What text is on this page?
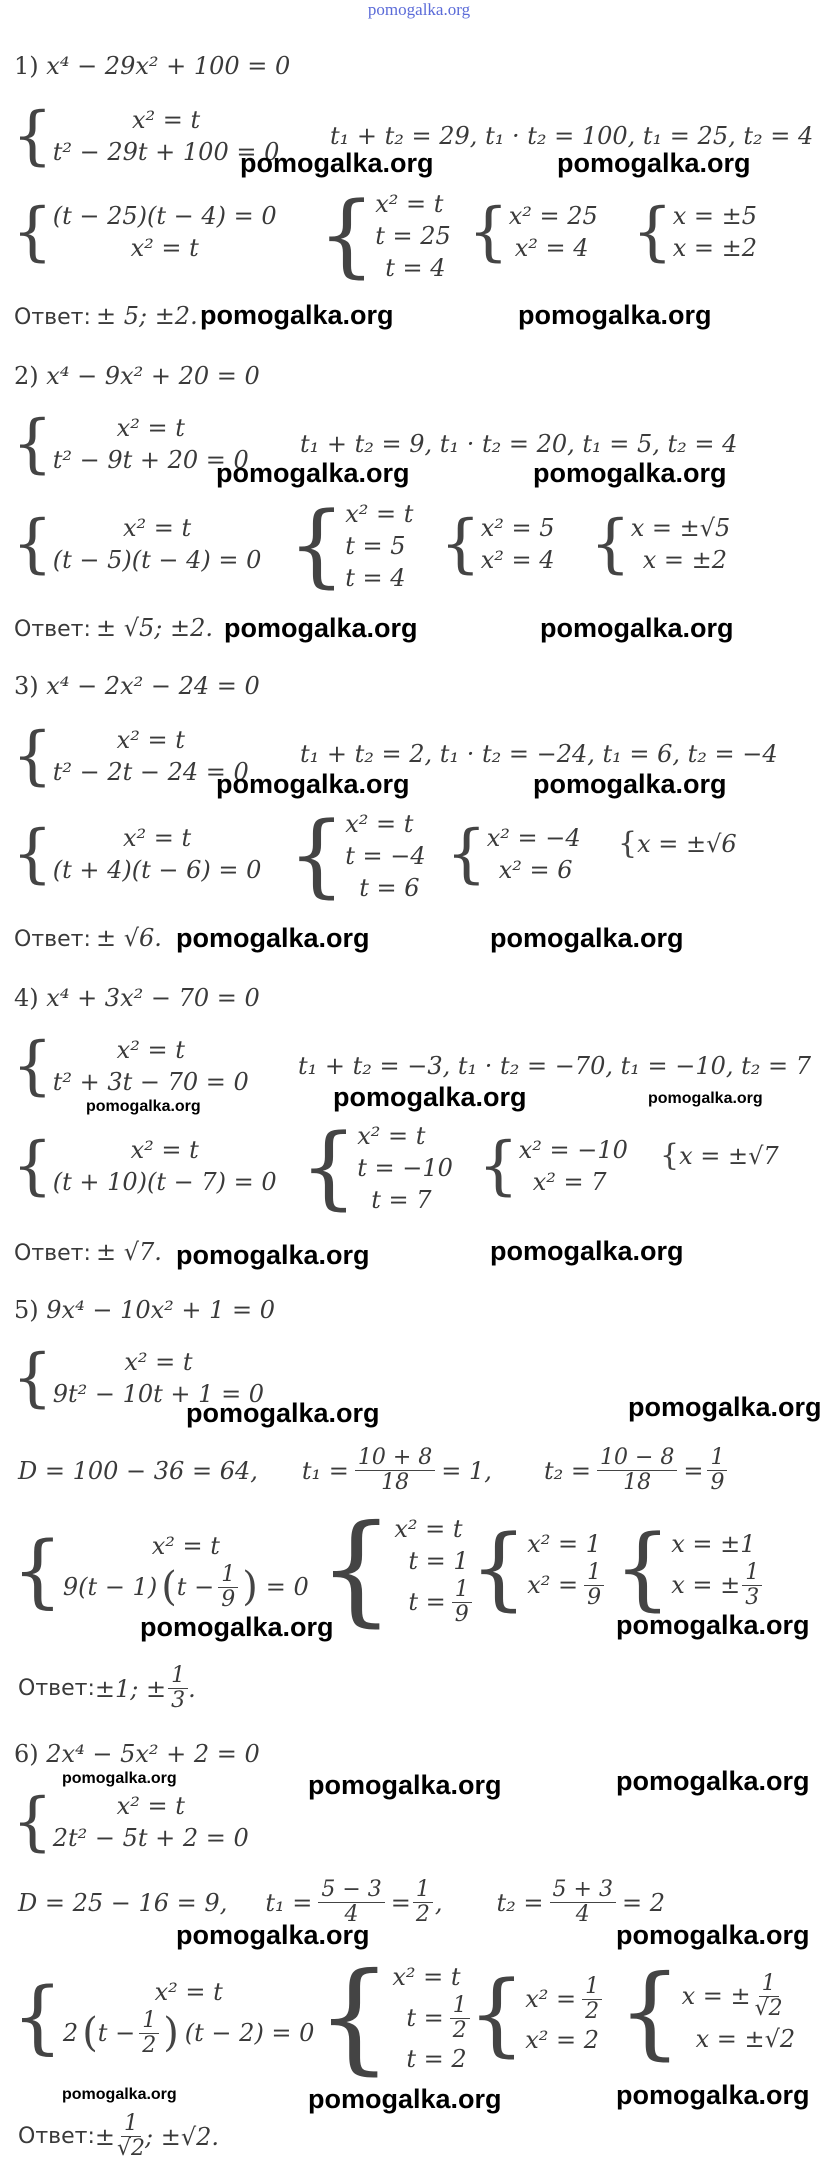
pomogalka.org
1) x⁴ − 29x² + 100 = 0
{	x² = t
t² − 29t + 100 = 0
t₁ + t₂ = 29, t₁ · t₂ = 100, t₁ = 25, t₂ = 4
pomogalka.org	pomogalka.org
{ (t − 25)(t − 4) = 0
x² = t	{ x² = t
t = 25
t = 4 { x² = 25
x² = 4 { x = ±5
x = ±2
Ответ: ± 5; ±2. pomogalka.org	pomogalka.org
2) x⁴ − 9x² + 20 = 0
{	x² = t
t² − 9t + 20 = 0
t₁ + t₂ = 9, t₁ · t₂ = 20, t₁ = 5, t₂ = 4
pomogalka.org	pomogalka.org
{	x² = t
(t − 5)(t − 4) = 0 { x² = t
t = 5
t = 4 { x² = 5
x² = 4 { x = ±√5
x = ±2
Ответ: ± √5; ±2. pomogalka.org	pomogalka.org
3) x⁴ − 2x² − 24 = 0
{	x² = t
t² − 2t − 24 = 0
t₁ + t₂ = 2, t₁ · t₂ = −24, t₁ = 6, t₂ = −4
pomogalka.org	pomogalka.org
{	x² = t
(t + 4)(t − 6) = 0 { x² = t
t = −4
t = 6 { x² = −4
x² = 6
{ x = ±√6
Ответ: ± √6. pomogalka.org	pomogalka.org
4) x⁴ + 3x² − 70 = 0
{	x² = t
t² + 3t − 70 = 0
t₁ + t₂ = −3, t₁ · t₂ = −70, t₁ = −10, t₂ = 7
pomogalka.org	pomogalka.org	pomogalka.org
{	x² = t
(t + 10)(t − 7) = 0 { x² = t
t = −10
t = 7 { x² = −10
x² = 7
{ x = ±√7
Ответ: ± √7. pomogalka.org	pomogalka.org
5) 9x⁴ − 10x² + 1 = 0
{	x² = t
9t² − 10t + 1 = 0
pomogalka.org	pomogalka.org
D = 100 − 36 = 64, $t_1 = \frac{10 + 8}{18} = 1$, $t_2 = \frac{10 - 8}{18} = \frac{1}{9}$
{	x² = t
9(t − 1) ( $t - \frac{1}{9}$ ) = 0 { x² = t
t = 1
$t = \frac{1}{9}$
{ x² = 1
$x^2 = \frac{1}{9}$ { x = ±1
x = ± $\frac{1}{3}$
pomogalka.org	pomogalka.org
Ответ: ±1; ± $\frac{1}{3}$ .
6) 2x⁴ − 5x² + 2 = 0
pomogalka.org	pomogalka.org	pomogalka.org
{	x² = t
2t² − 5t + 2 = 0
D = 25 − 16 = 9, $t_1 = \frac{5 - 3}{4} = \frac{1}{2}$ , $t_2 = \frac{5 + 3}{4} = 2$
pomogalka.org	pomogalka.org
{	x² = t
2 ( $t - \frac{1}{2}$ ) (t − 2) = 0 { x² = t
$t = \frac{1}{2}$
t = 2 { $x^2 = \frac{1}{2}$
x² = 2 { x = ± $\frac{1}{√2}$
x = ±√2
pomogalka.org	pomogalka.org	pomogalka.org
Ответ: ± $\frac{1}{√2}$ ; ±√2.
